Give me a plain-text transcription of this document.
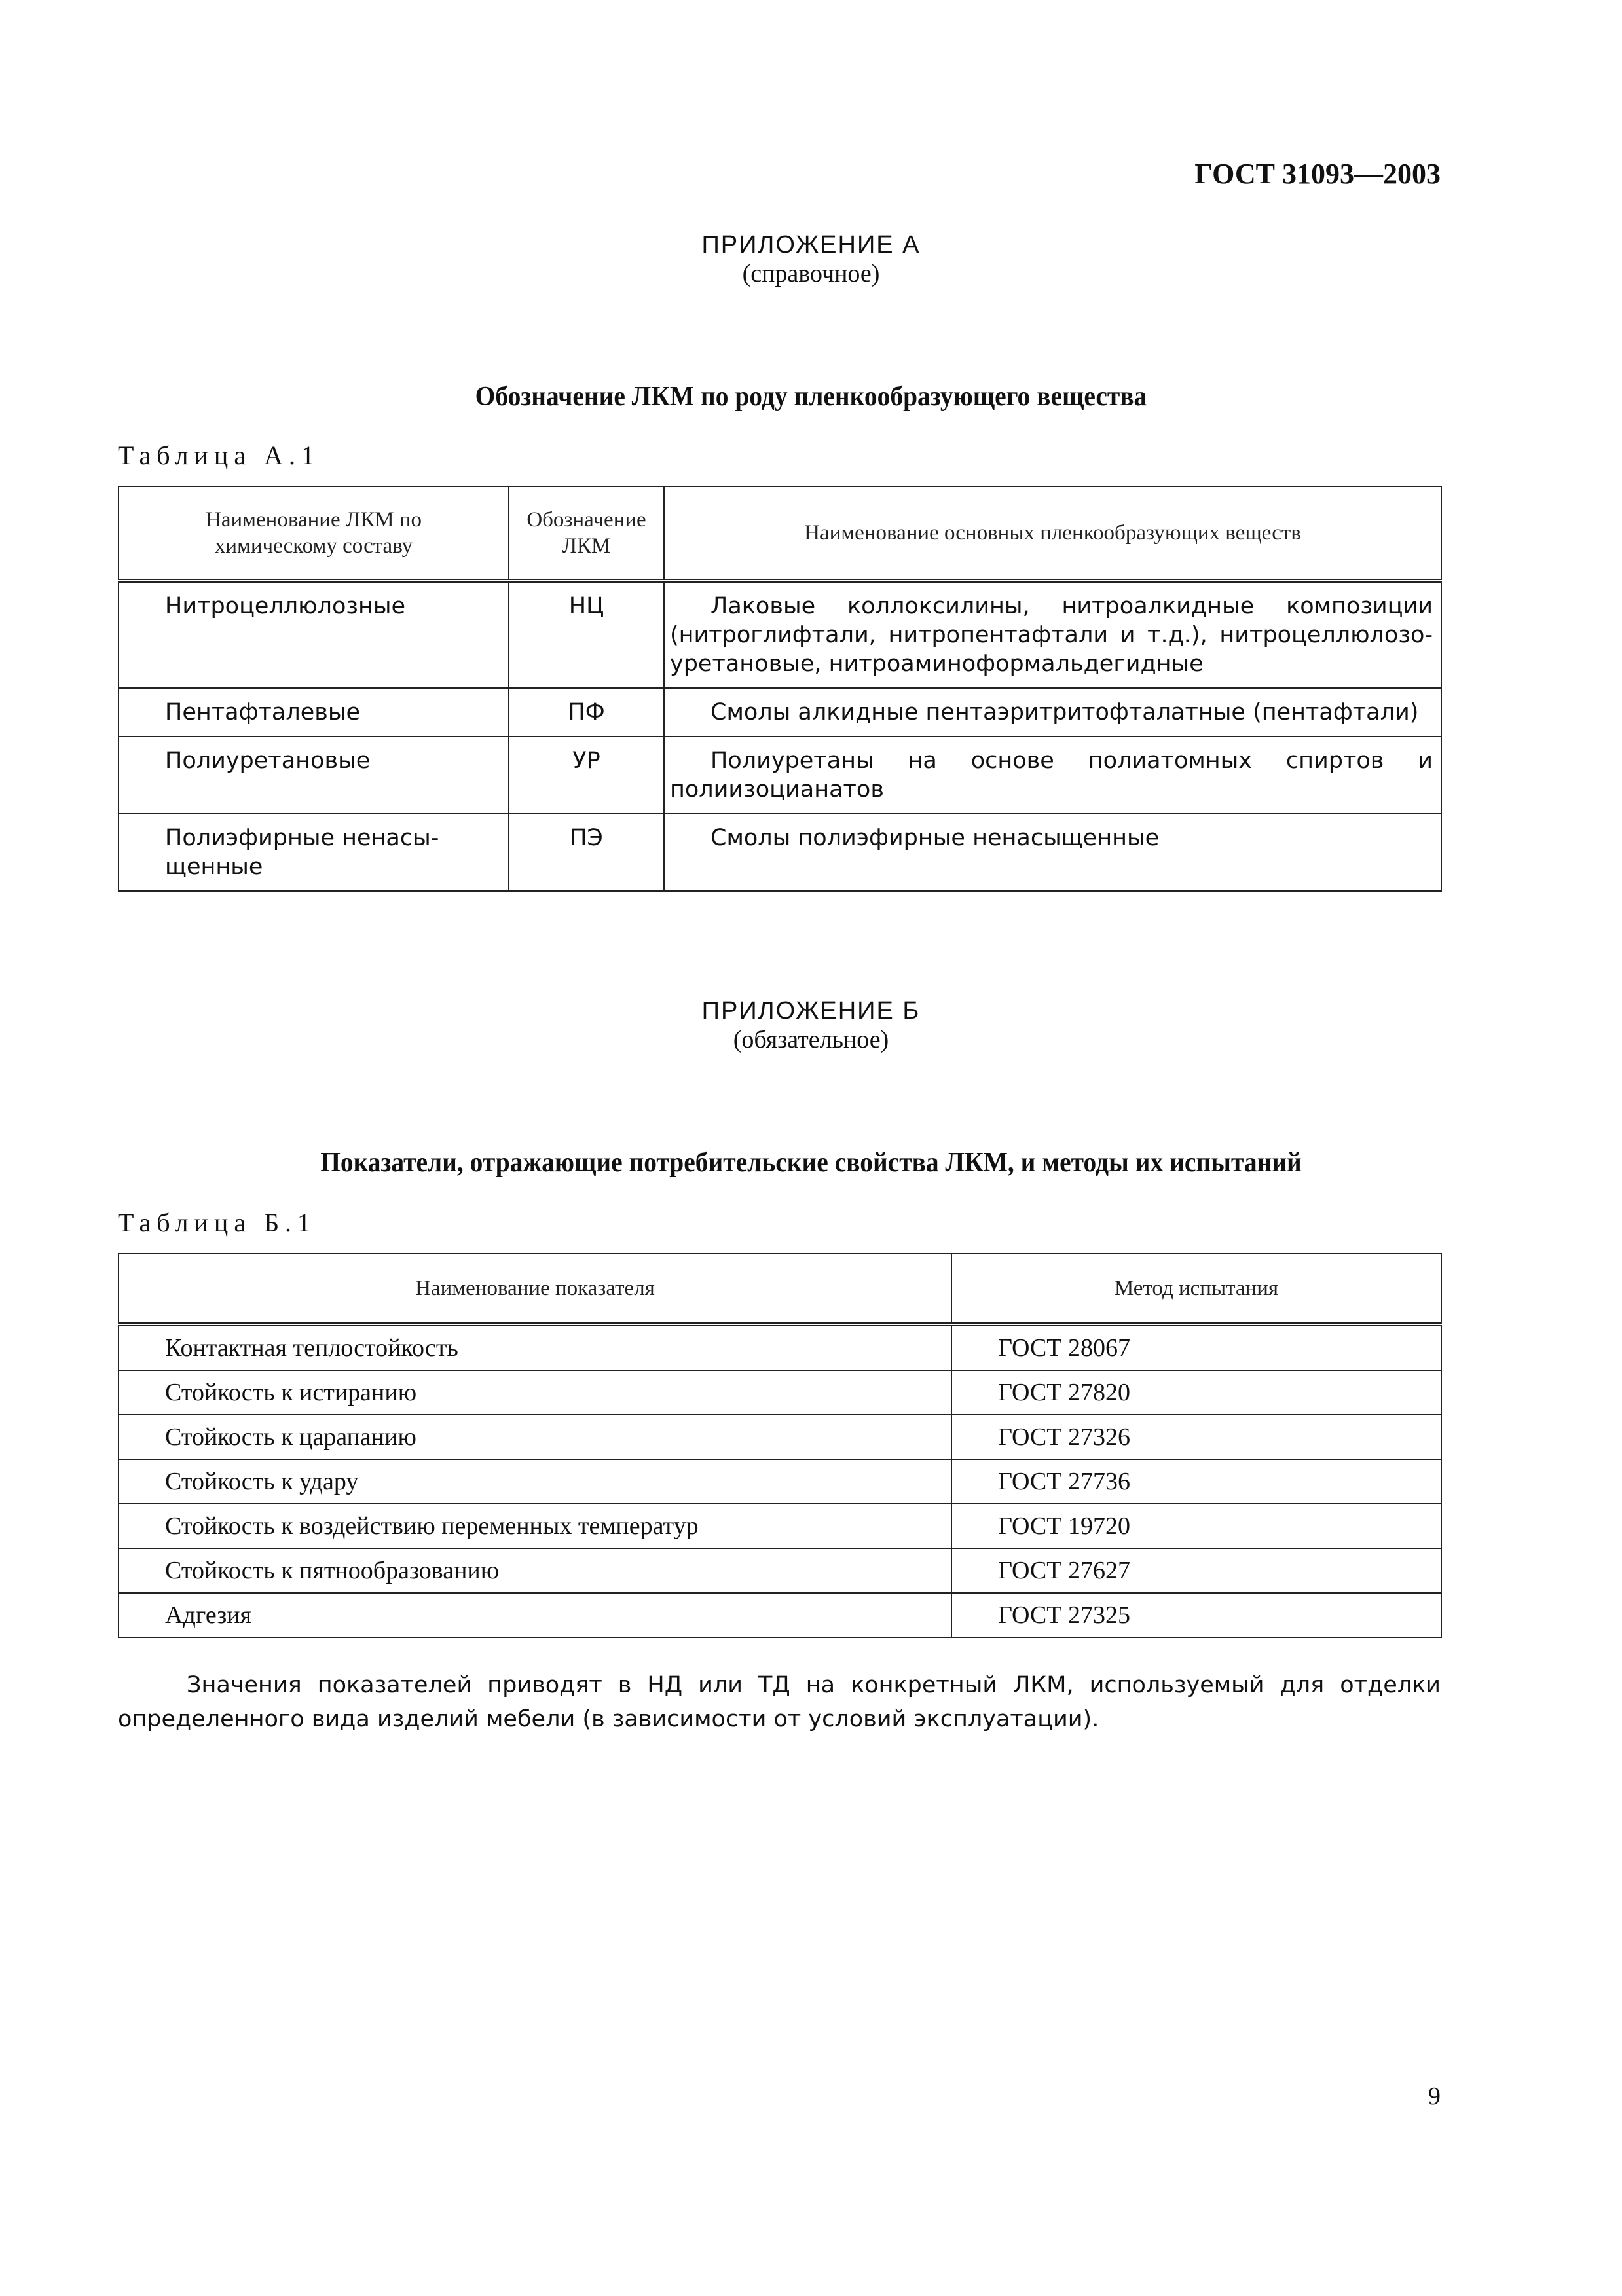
ГОСТ 31093—2003
ПРИЛОЖЕНИЕ А
(справочное)
Обозначение ЛКМ по роду пленкообразующего вещества
Таблица А.1
Наименование ЛКМ по химическому составу	Обозначение ЛКМ	Наименование основных пленкообразующих веществ
Нитроцеллюлозные	НЦ	Лаковые коллоксилины, нитроалкидные композиции (нитроглифтали, нитропентафтали и т.д.), нитроцеллюлозо-уретановые, нитроаминоформальдегидные
Пентафталевые	ПФ	Смолы алкидные пентаэритритофталатные (пентафтали)
Полиуретановые	УР	Полиуретаны на основе полиатомных спиртов и полиизоцианатов
Полиэфирные ненасы-щенные	ПЭ	Смолы полиэфирные ненасыщенные
ПРИЛОЖЕНИЕ Б
(обязательное)
Показатели, отражающие потребительские свойства ЛКМ, и методы их испытаний
Таблица Б.1
Наименование показателя	Метод испытания
Контактная теплостойкость	ГОСТ 28067
Стойкость к истиранию	ГОСТ 27820
Стойкость к царапанию	ГОСТ 27326
Стойкость к удару	ГОСТ 27736
Стойкость к воздействию переменных температур	ГОСТ 19720
Стойкость к пятнообразованию	ГОСТ 27627
Адгезия	ГОСТ 27325
Значения показателей приводят в НД или ТД на конкретный ЛКМ, используемый для отделки определенного вида изделий мебели (в зависимости от условий эксплуатации).
9
